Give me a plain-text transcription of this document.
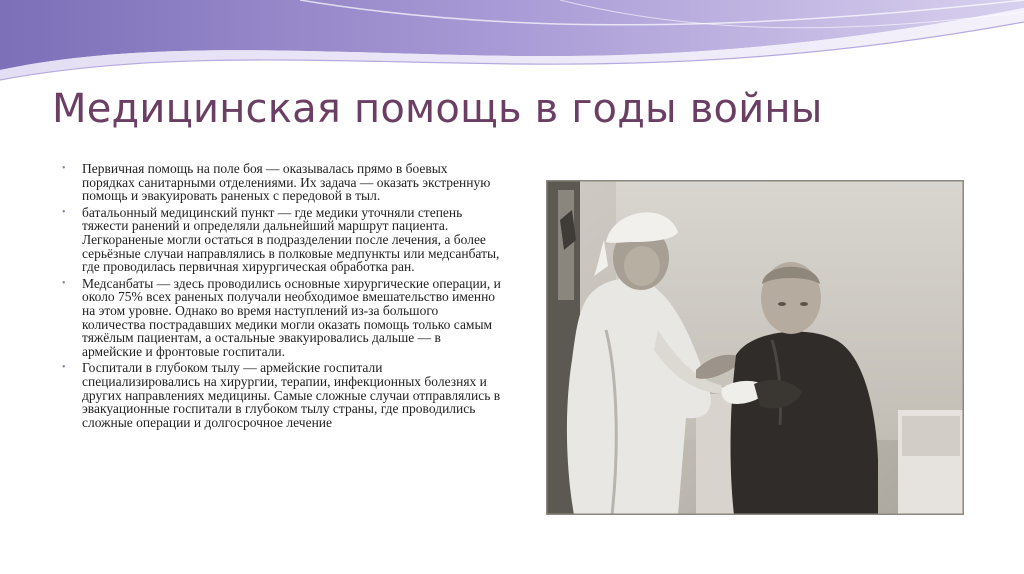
Медицинская помощь в годы войны
• Первичная помощь на поле боя — оказывалась прямо в боевых порядках санитарными отделениями. Их задача — оказать экстренную помощь и эвакуировать раненых с передовой в тыл.
• батальонный медицинский пункт — где медики уточняли степень тяжести ранений и определяли дальнейший маршрут пациента. Легкораненые могли остаться в подразделении после лечения, а более серьёзные случаи направлялись в полковые медпункты или медсанбаты, где проводилась первичная хирургическая обработка ран.
• Медсанбаты — здесь проводились основные хирургические операции, и около 75% всех раненых получали необходимое вмешательство именно на этом уровне. Однако во время наступлений из-за большого количества пострадавших медики могли оказать помощь только самым тяжёлым пациентам, а остальные эвакуировались дальше — в армейские и фронтовые госпитали.
• Госпитали в глубоком тылу — армейские госпитали специализировались на хирургии, терапии, инфекционных болезнях и других направлениях медицины. Самые сложные случаи отправлялись в эвакуационные госпитали в глубоком тылу страны, где проводились сложные операции и долгосрочное лечение
